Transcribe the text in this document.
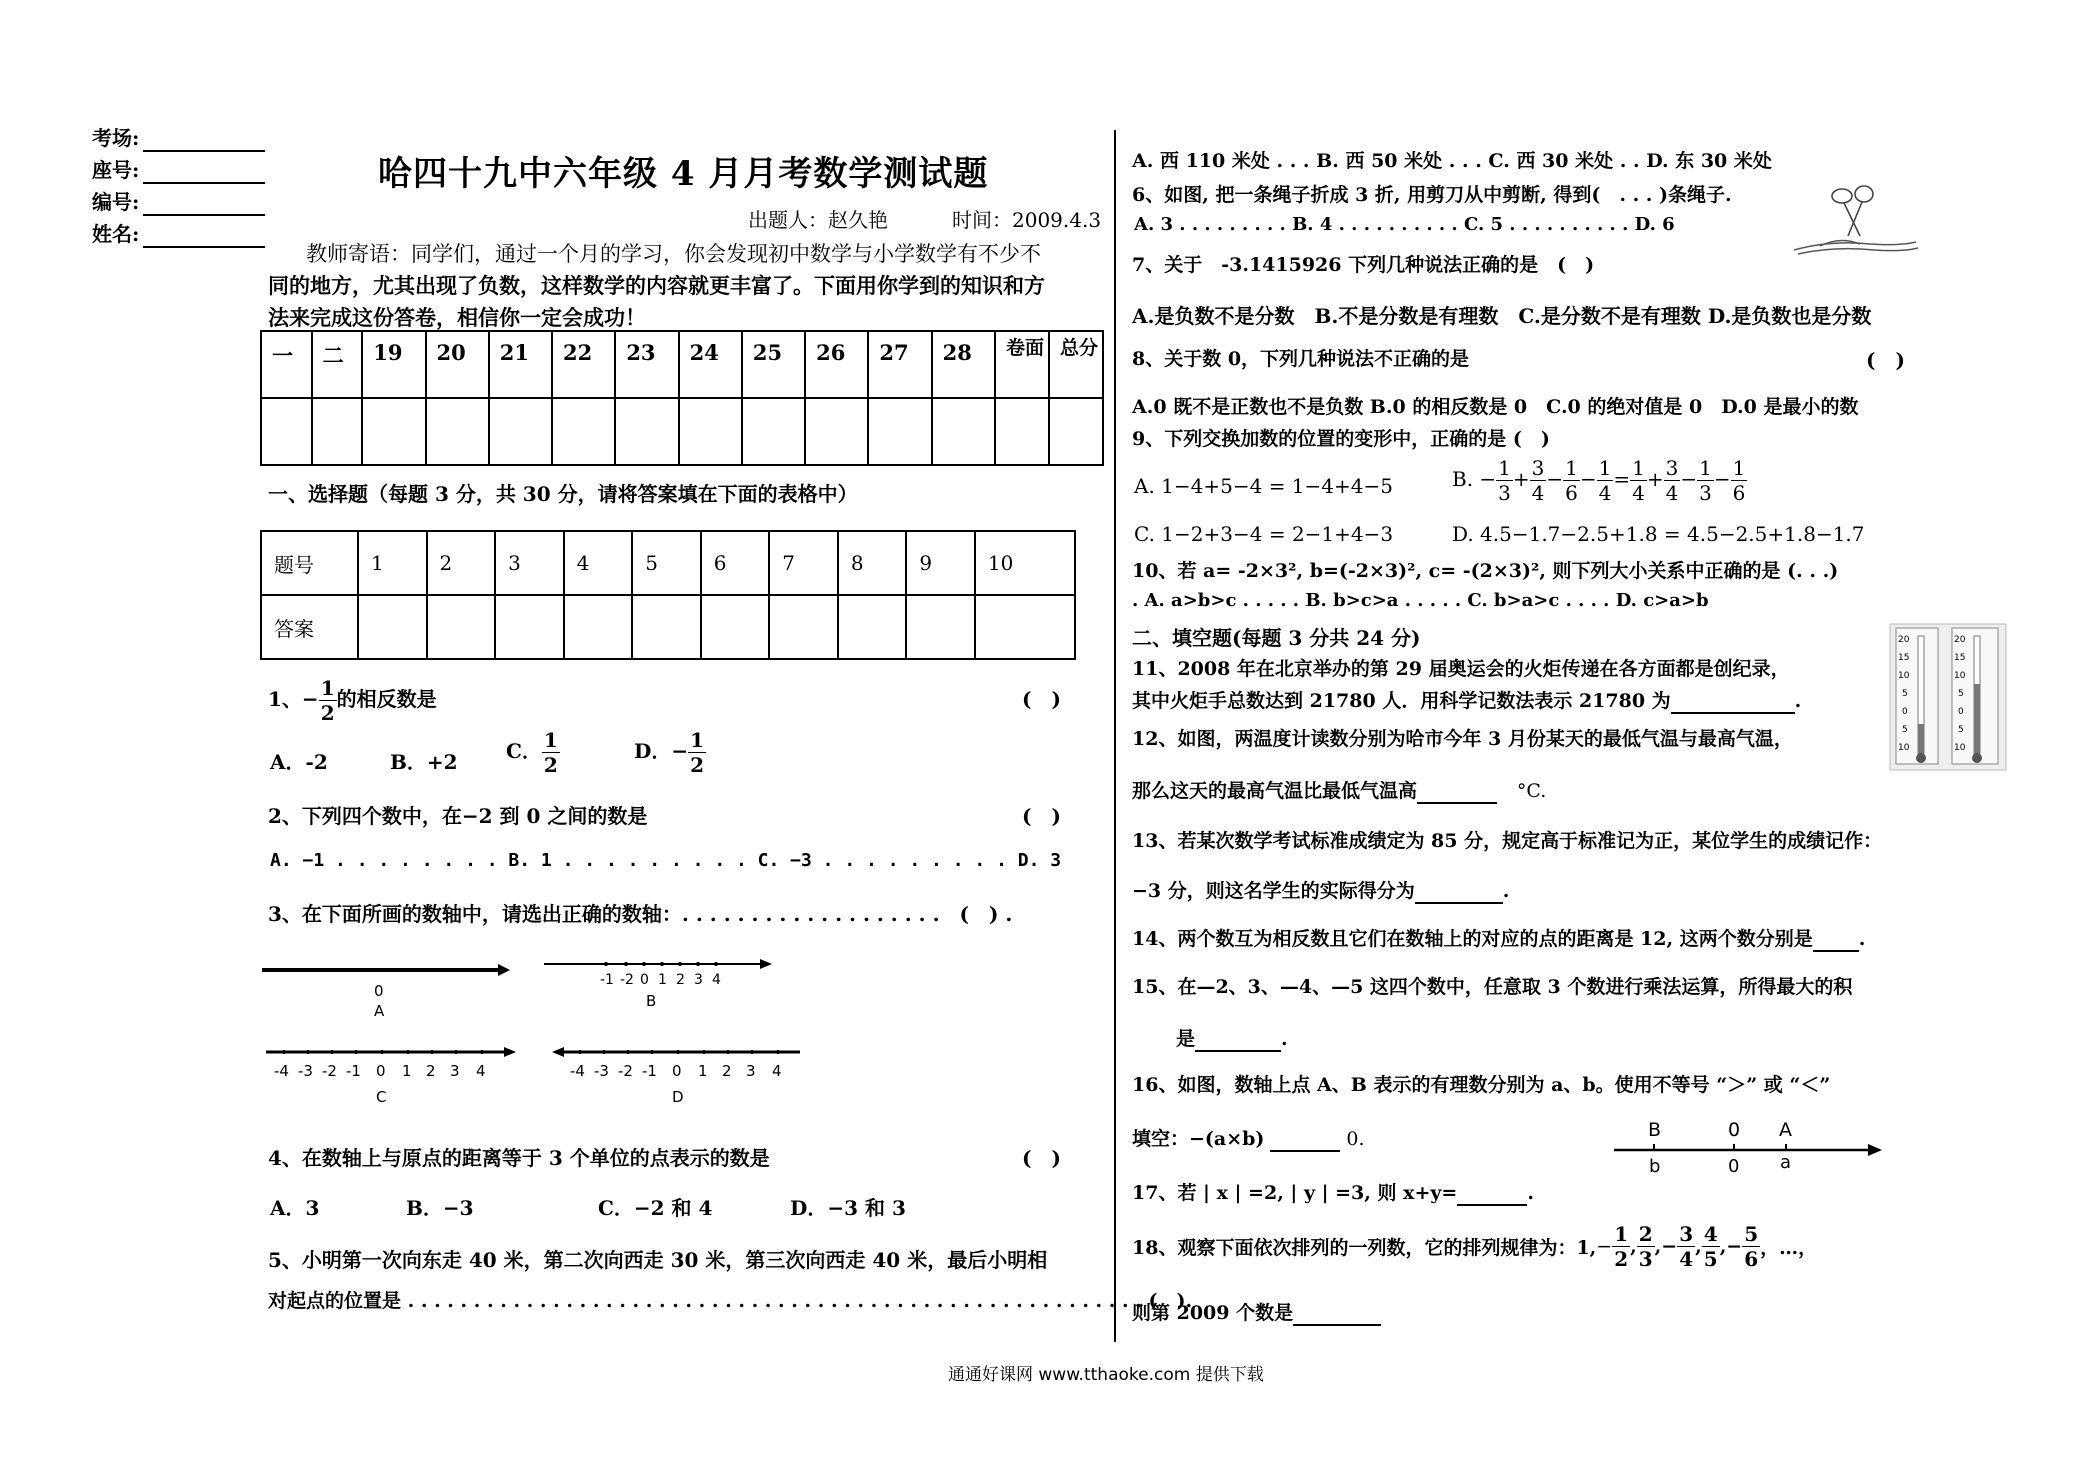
考场:
座号:
编号:
姓名:
哈四十九中六年级 4 月月考数学测试题
出题人：赵久艳	时间：2009.4.3
教师寄语：同学们，通过一个月的学习，你会发现初中数学与小学数学有不少不
同的地方，尤其出现了负数，这样数学的内容就更丰富了。下面用你学到的知识和方
法来完成这份答卷，相信你一定会成功！
一	二	19	20	21	22	23	24	25	26	27	28	卷面	总分

一、选择题（每题 3 分，共 30 分，请将答案填在下面的表格中）
题号	1	2	3	4	5	6	7	8	9	10
答案										
1、− $\frac{1}{2}$ 的相反数是	(　)
A．-2	B．+2 C． $\frac{1}{2}$	D．− $\frac{1}{2}$
2、下列四个数中，在−2 到 0 之间的数是	(　)
A. −1 . . . . . . . . B. 1 . . . . . . . . . C. −3 . . . . . . . . . D. 3
3、在下面所画的数轴中，请选出正确的数轴：. . . . . . . . . . . . . . . . . . .　(　) .
0
A
-1 -2 0 1 2 3 4
B
-4 -3 -2 -1 0 1 2 3 4
C
-4 -3 -2 -1 0 1 2 3 4
D
4、在数轴上与原点的距离等于 3 个单位的点表示的数是	(　)
A．3	B．−3	C．−2 和 4	D．−3 和 3
5、小明第一次向东走 40 米，第二次向西走 30 米，第三次向西走 40 米，最后小明相
对起点的位置是 . . . . . . . . . . . . . . . . . . . . . . . . . . . . . . . . . . . . . . . . . . . . . . . . . . . . . . . . (　).
A. 西 110 米处 . . . B. 西 50 米处 . . . C. 西 30 米处 . . D. 东 30 米处
6、如图, 把一条绳子折成 3 折, 用剪刀从中剪断, 得到(　. . . )条绳子.
A. 3 . . . . . . . . . B. 4 . . . . . . . . . . C. 5 . . . . . . . . . . D. 6
7、关于　-3.1415926 下列几种说法正确的是　(　)
A.是负数不是分数　B.不是分数是有理数　C.是分数不是有理数 D.是负数也是分数
8、关于数 0，下列几种说法不正确的是	(　)
A.0 既不是正数也不是负数 B.0 的相反数是 0　C.0 的绝对值是 0　D.0 是最小的数
9、下列交换加数的位置的变形中，正确的是 (　)
A. 1−4+5−4 = 1−4+4−5	B. − $\frac{1}{3} + \frac{3}{4} - \frac{1}{6} - \frac{1}{4} = \frac{1}{4} + \frac{3}{4} - \frac{1}{3} - \frac{1}{6}$
C. 1−2+3−4 = 2−1+4−3	D. 4.5−1.7−2.5+1.8 = 4.5−2.5+1.8−1.7
10、若 a= -2×3², b=(-2×3)², c= -(2×3)², 则下列大小关系中正确的是 (. . .)
. A. a>b>c . . . . . B. b>c>a . . . . . C. b>a>c . . . . D. c>a>b
二、填空题(每题 3 分共 24 分)	20
15
10
5
0
5
10
20
15
10
5
0
5
10
11、2008 年在北京举办的第 29 届奥运会的火炬传递在各方面都是创纪录，
其中火炬手总数达到 21780 人．用科学记数法表示 21780 为	.
12、如图，两温度计读数分别为哈市今年 3 月份某天的最低气温与最高气温，
那么这天的最高气温比最低气温高	°C.
13、若某次数学考试标准成绩定为 85 分，规定高于标准记为正，某位学生的成绩记作：
−3 分，则这名学生的实际得分为	.
14、两个数互为相反数且它们在数轴上的对应的点的距离是 12, 这两个数分别是 .
15、在—2、3、—4、—5 这四个数中，任意取 3 个数进行乘法运算，所得最大的积
是	.
16、如图，数轴上点 A、B 表示的有理数分别为 a、b。使用不等号 “＞” 或 “＜”
填空：−(a×b)	0.	B	0 A
b	0 a
17、若 | x | =2, | y | =3, 则 x+y=	.
18、观察下面依次排列的一列数，它的排列规律为：$1,- \frac{1}{2}$ , $\frac{2}{3}$ ,− $\frac{3}{4}$ , $\frac{4}{5}$ ,− $\frac{5}{6}$ ，…，
则第 2009 个数是
通通好课网 www.tthaoke.com 提供下载
